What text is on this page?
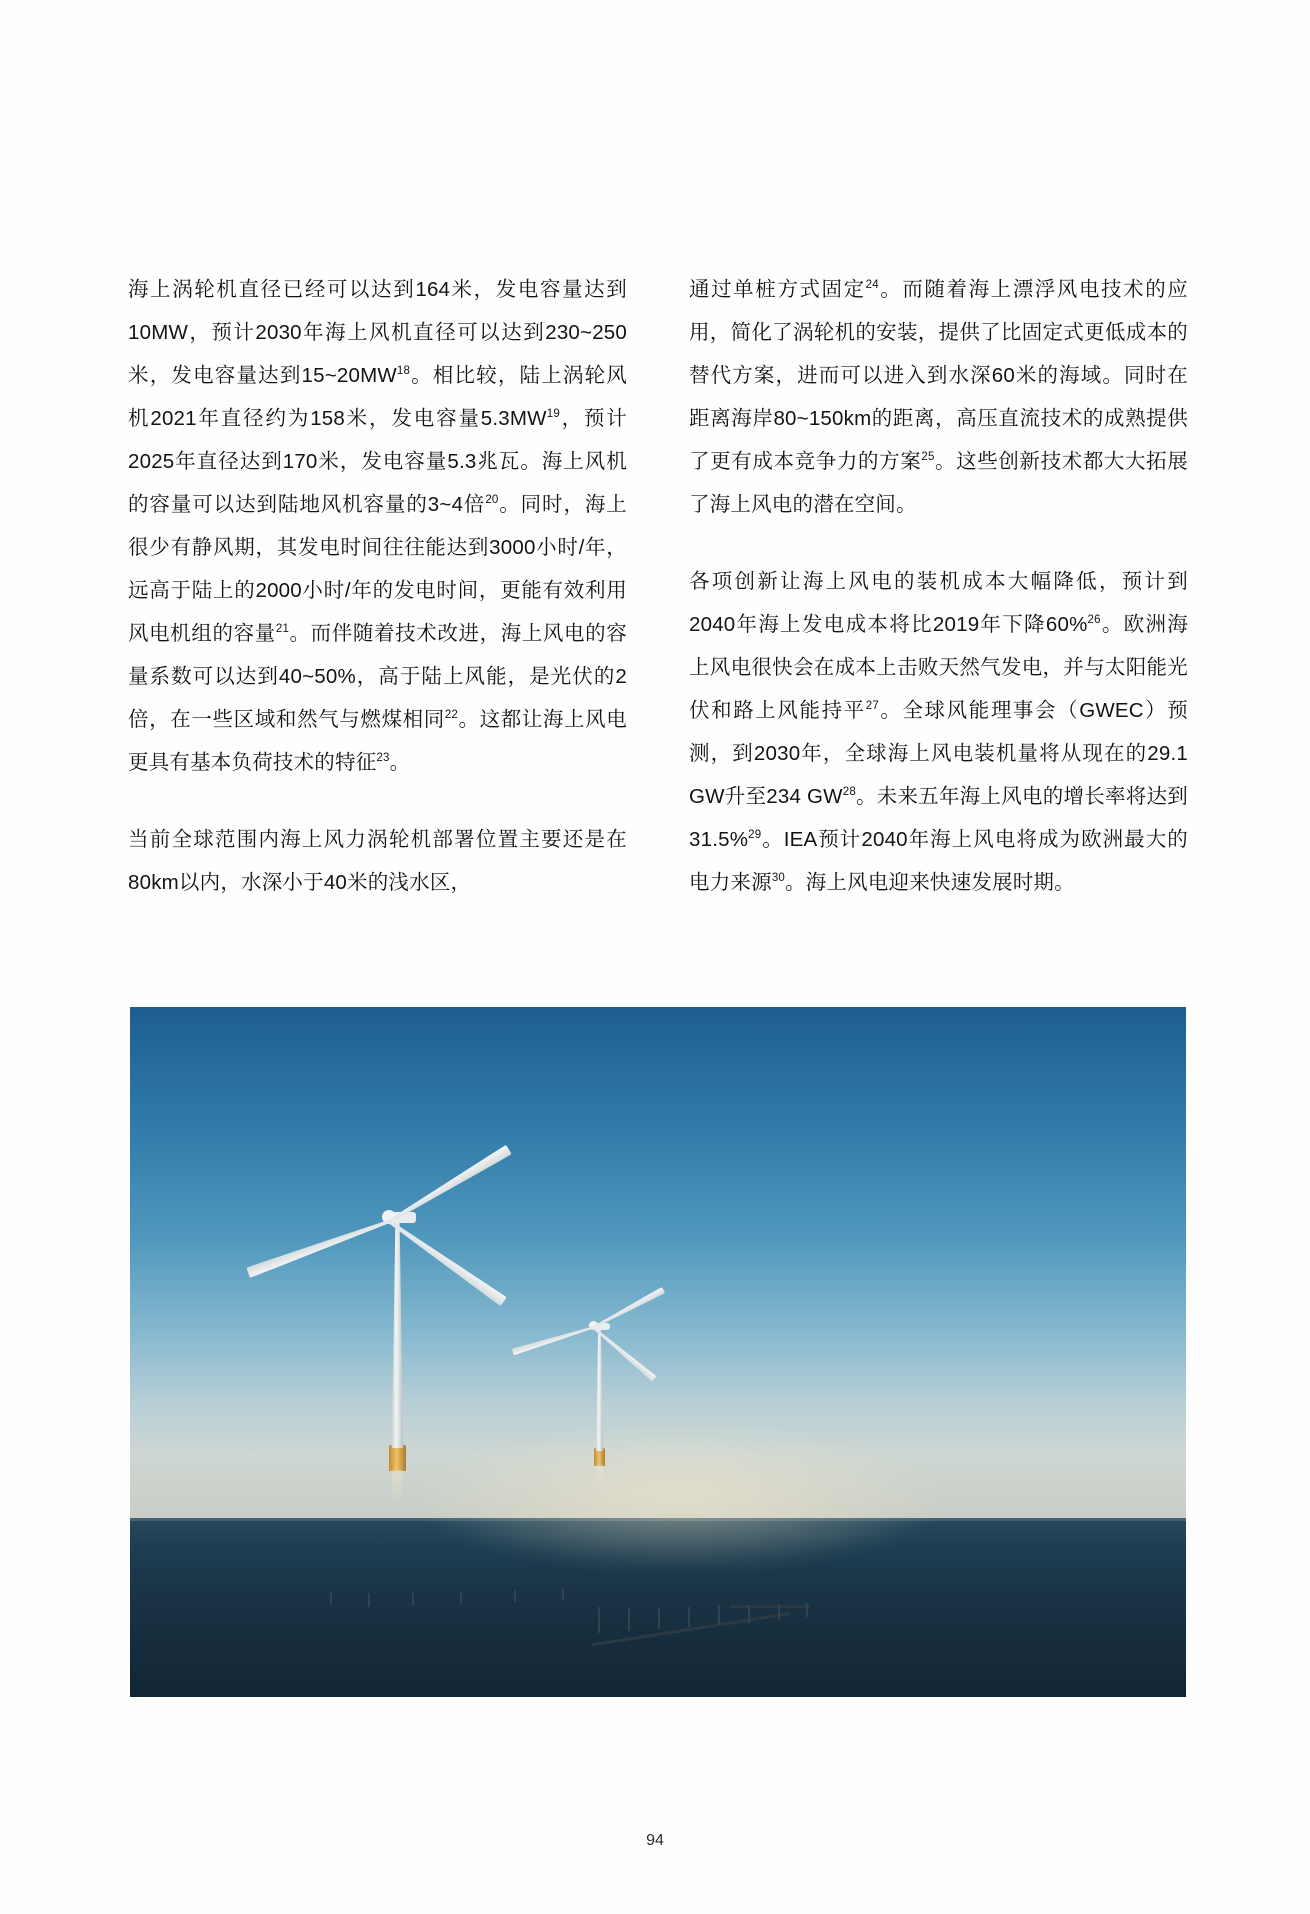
海上涡轮机直径已经可以达到164米，发电容量达到10MW，预计2030年海上风机直径可以达到230~250米，发电容量达到15~20MW$^{18}$。相比较，陆上涡轮风机2021年直径约为158米，发电容量5.3MW$^{19}$，预计2025年直径达到170米，发电容量5.3兆瓦。海上风机的容量可以达到陆地风机容量的3~4倍$^{20}$。同时，海上很少有静风期，其发电时间往往能达到3000小时/年，远高于陆上的2000小时/年的发电时间，更能有效利用风电机组的容量$^{21}$。而伴随着技术改进，海上风电的容量系数可以达到40~50%，高于陆上风能，是光伏的2倍，在一些区域和然气与燃煤相同$^{22}$。这都让海上风电更具有基本负荷技术的特征$^{23}$。

当前全球范围内海上风力涡轮机部署位置主要还是在80km以内，水深小于40米的浅水区，

通过单桩方式固定$^{24}$。而随着海上漂浮风电技术的应用，简化了涡轮机的安装，提供了比固定式更低成本的替代方案，进而可以进入到水深60米的海域。同时在距离海岸80~150km的距离，高压直流技术的成熟提供了更有成本竞争力的方案$^{25}$。这些创新技术都大大拓展了海上风电的潜在空间。

各项创新让海上风电的装机成本大幅降低，预计到2040年海上发电成本将比2019年下降60%$^{26}$。欧洲海上风电很快会在成本上击败天然气发电，并与太阳能光伏和路上风能持平$^{27}$。全球风能理事会（GWEC）预测，到2030年，全球海上风电装机量将从现在的29.1 GW升至234 GW$^{28}$。未来五年海上风电的增长率将达到31.5%$^{29}$。IEA预计2040年海上风电将成为欧洲最大的电力来源$^{30}$。海上风电迎来快速发展时期。

94
